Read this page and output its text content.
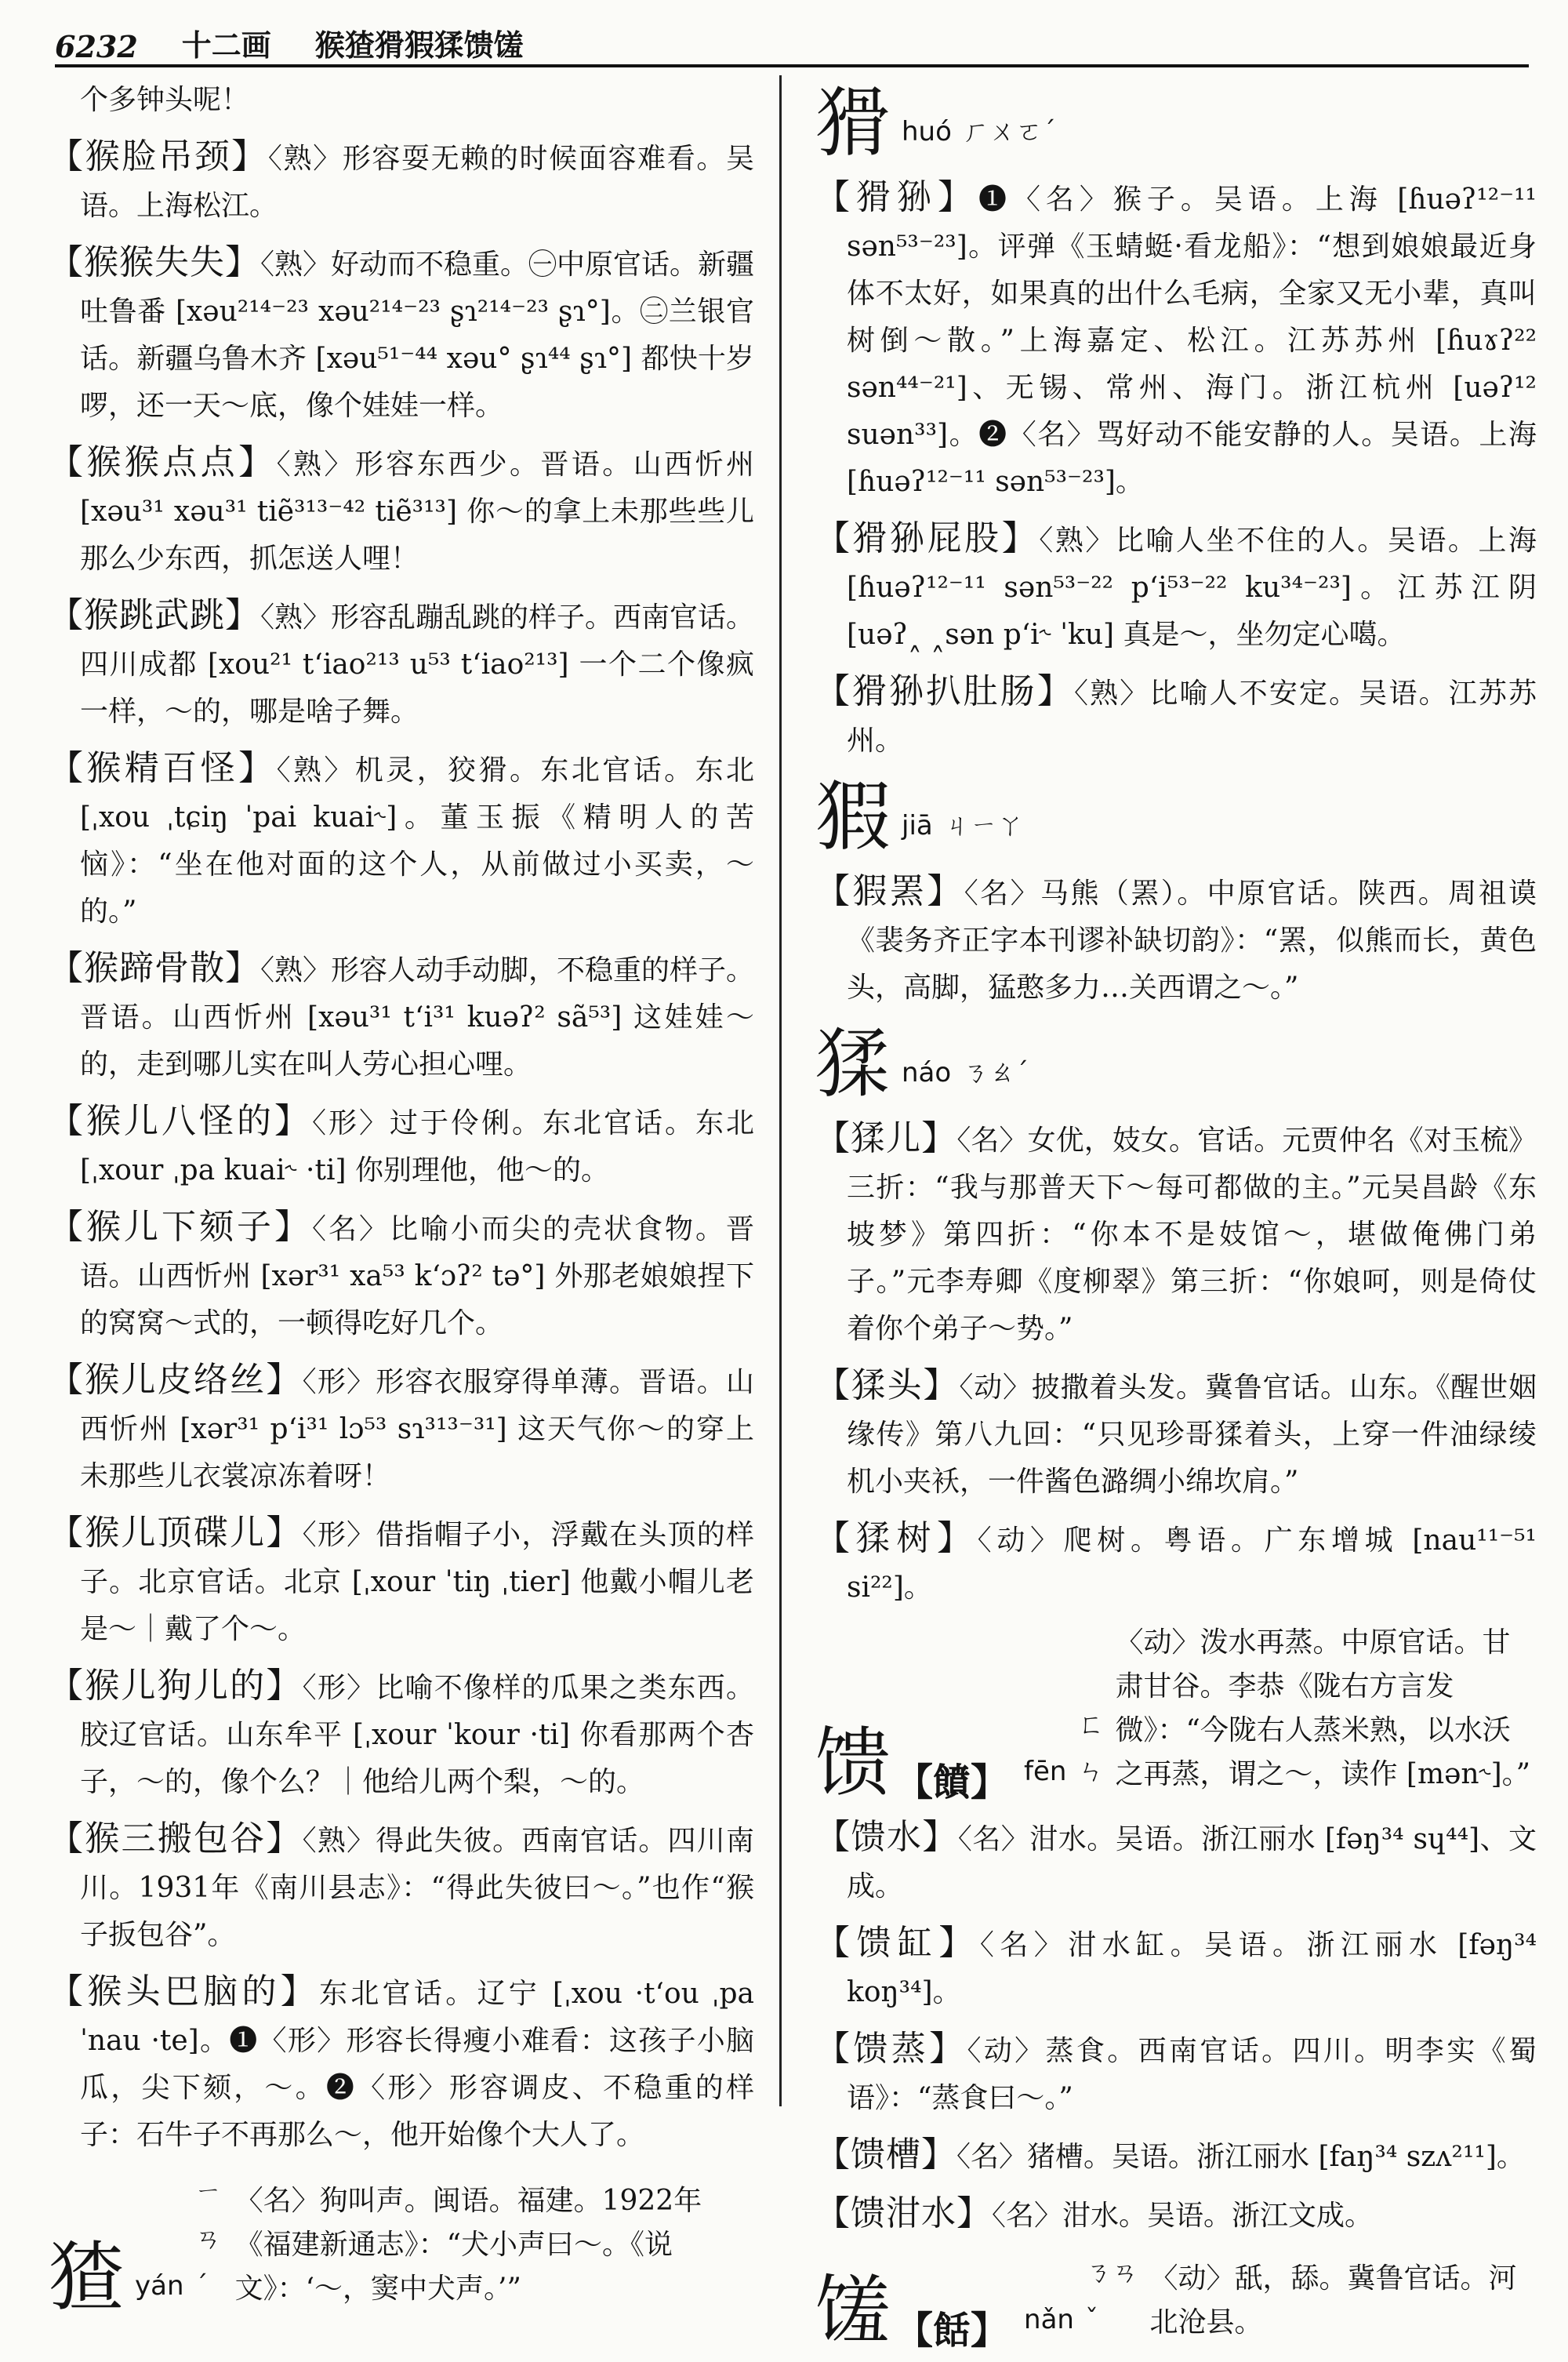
6232 十二画 猴猹猾猳猱馈馐

个多钟头呢！

【猴脸吊颈】〈熟〉形容耍无赖的时候面容难看。吴语。上海松江。

【猴猴失失】〈熟〉好动而不稳重。㊀中原官话。新疆吐鲁番 [xəu²¹⁴⁻²³ xəu²¹⁴⁻²³ ʂɿ²¹⁴⁻²³ ʂɿ°]。㊁兰银官话。新疆乌鲁木齐 [xəu⁵¹⁻⁴⁴ xəu° ʂɿ⁴⁴ ʂɿ°] 都快十岁啰，还一天～底，像个娃娃一样。

【猴猴点点】〈熟〉形容东西少。晋语。山西忻州 [xəu³¹ xəu³¹ tiẽ³¹³⁻⁴² tiẽ³¹³] 你～的拿上未那些些儿那么少东西，抓怎送人哩！

【猴跳武跳】〈熟〉形容乱蹦乱跳的样子。西南官话。四川成都 [xou²¹ tʻiao²¹³ u⁵³ tʻiao²¹³] 一个二个像疯一样，～的，哪是啥子舞。

【猴精百怪】〈熟〉机灵，狡猾。东北官话。东北 [ˌxou ˌtɕiŋ ˈpai kuai˞]。董玉振《精明人的苦恼》：“坐在他对面的这个人，从前做过小买卖，～的。”

【猴蹄骨散】〈熟〉形容人动手动脚，不稳重的样子。晋语。山西忻州 [xəu³¹ tʻi³¹ kuəʔ² sã⁵³] 这娃娃～的，走到哪儿实在叫人劳心担心哩。

【猴儿八怪的】〈形〉过于伶俐。东北官话。东北 [ˌxour ˌpa kuai˞ ·ti] 你别理他，他～的。

【猴儿下颏子】〈名〉比喻小而尖的壳状食物。晋语。山西忻州 [xər³¹ xa⁵³ kʻɔʔ² tə°] 外那老娘娘捏下的窝窝～式的，一顿得吃好几个。

【猴儿皮络丝】〈形〉形容衣服穿得单薄。晋语。山西忻州 [xər³¹ pʻi³¹ lɔ⁵³ sɿ³¹³⁻³¹] 这天气你～的穿上未那些儿衣裳凉冻着呀！

【猴儿顶碟儿】〈形〉借指帽子小，浮戴在头顶的样子。北京官话。北京 [ˌxour ˈtiŋ ˌtier] 他戴小帽儿老是～｜戴了个～。

【猴儿狗儿的】〈形〉比喻不像样的瓜果之类东西。胶辽官话。山东牟平 [ˌxour ˈkour ·ti] 你看那两个杏子，～的，像个么？｜他给儿两个梨，～的。

【猴三搬包谷】〈熟〉得此失彼。西南官话。四川南川。1931年《南川县志》：“得此失彼曰～。”也作“猴子扳包谷”。

【猴头巴脑的】东北官话。辽宁 [ˌxou ·tʻou ˌpa ˈnau ·te]。❶〈形〉形容长得瘦小难看：这孩子小脑瓜，尖下颏，～。❷〈形〉形容调皮、不稳重的样子：石牛子不再那么～，他开始像个大人了。

猹 yán
ㄧㄢˊ
〈名〉狗叫声。闽语。福建。1922年《福建新通志》：“犬小声曰～。《说文》：‘～，窦中犬声。’”
猾 huó ㄏㄨㄛˊ

【猾狲】❶〈名〉猴子。吴语。上海 [ɦuəʔ¹²⁻¹¹ sən⁵³⁻²³]。评弹《玉蜻蜓·看龙船》：“想到娘娘最近身体不太好，如果真的出什么毛病，全家又无小辈，真叫树倒～散。”上海嘉定、松江。江苏苏州 [ɦuɤʔ²² sən⁴⁴⁻²¹]、无锡、常州、海门。浙江杭州 [uəʔ¹² suən³³]。❷〈名〉骂好动不能安静的人。吴语。上海 [ɦuəʔ¹²⁻¹¹ sən⁵³⁻²³]。

【猾狲屁股】〈熟〉比喻人坐不住的人。吴语。上海 [ɦuəʔ¹²⁻¹¹ sən⁵³⁻²² pʻi⁵³⁻²² ku³⁴⁻²³]。江苏江阴 [uəʔ˰ ˰sən pʻi˞ ˈku] 真是～，坐勿定心噶。

【猾狲扒肚肠】〈熟〉比喻人不安定。吴语。江苏苏州。

猳 jiā ㄐㄧㄚ

【猳罴】〈名〉马熊（罴）。中原官话。陕西。周祖谟《裴务齐正字本刊谬补缺切韵》：“罴，似熊而长，黄色头，高脚，猛憨多力…关西谓之～。”

猱 náo ㄋㄠˊ

【猱儿】〈名〉女优，妓女。官话。元贾仲名《对玉梳》三折：“我与那普天下～每可都做的主。”元吴昌龄《东坡梦》第四折：“你本不是妓馆～，堪做俺佛门弟子。”元李寿卿《度柳翠》第三折：“你娘呵，则是倚仗着你个弟子～势。”

【猱头】〈动〉披撒着头发。冀鲁官话。山东。《醒世姻缘传》第八九回：“只见珍哥猱着头，上穿一件油绿绫机小夹袄，一件酱色潞绸小绵坎肩。”

【猱树】〈动〉爬树。粤语。广东增城 [nau¹¹⁻⁵¹ si²²]。

馈 【饙】 fēn
ㄈㄣ
〈动〉泼水再蒸。中原官话。甘肃甘谷。李恭《陇右方言发微》：“今陇右人蒸米熟，以水沃之再蒸，谓之～，读作 [mən˞]。”

【馈水】〈名〉泔水。吴语。浙江丽水 [fəŋ³⁴ sɥ⁴⁴]、文成。

【馈缸】〈名〉泔水缸。吴语。浙江丽水 [fəŋ³⁴ koŋ³⁴]。

【馈蒸】〈动〉蒸食。西南官话。四川。明李实《蜀语》：“蒸食曰～。”

【馈槽】〈名〉猪槽。吴语。浙江丽水 [faŋ³⁴ szʌ²¹¹]。

【馈泔水】〈名〉泔水。吴语。浙江文成。

馐 【餂】 nǎn
ㄋㄢˇ
〈动〉舐，舔。冀鲁官话。河北沧县。
